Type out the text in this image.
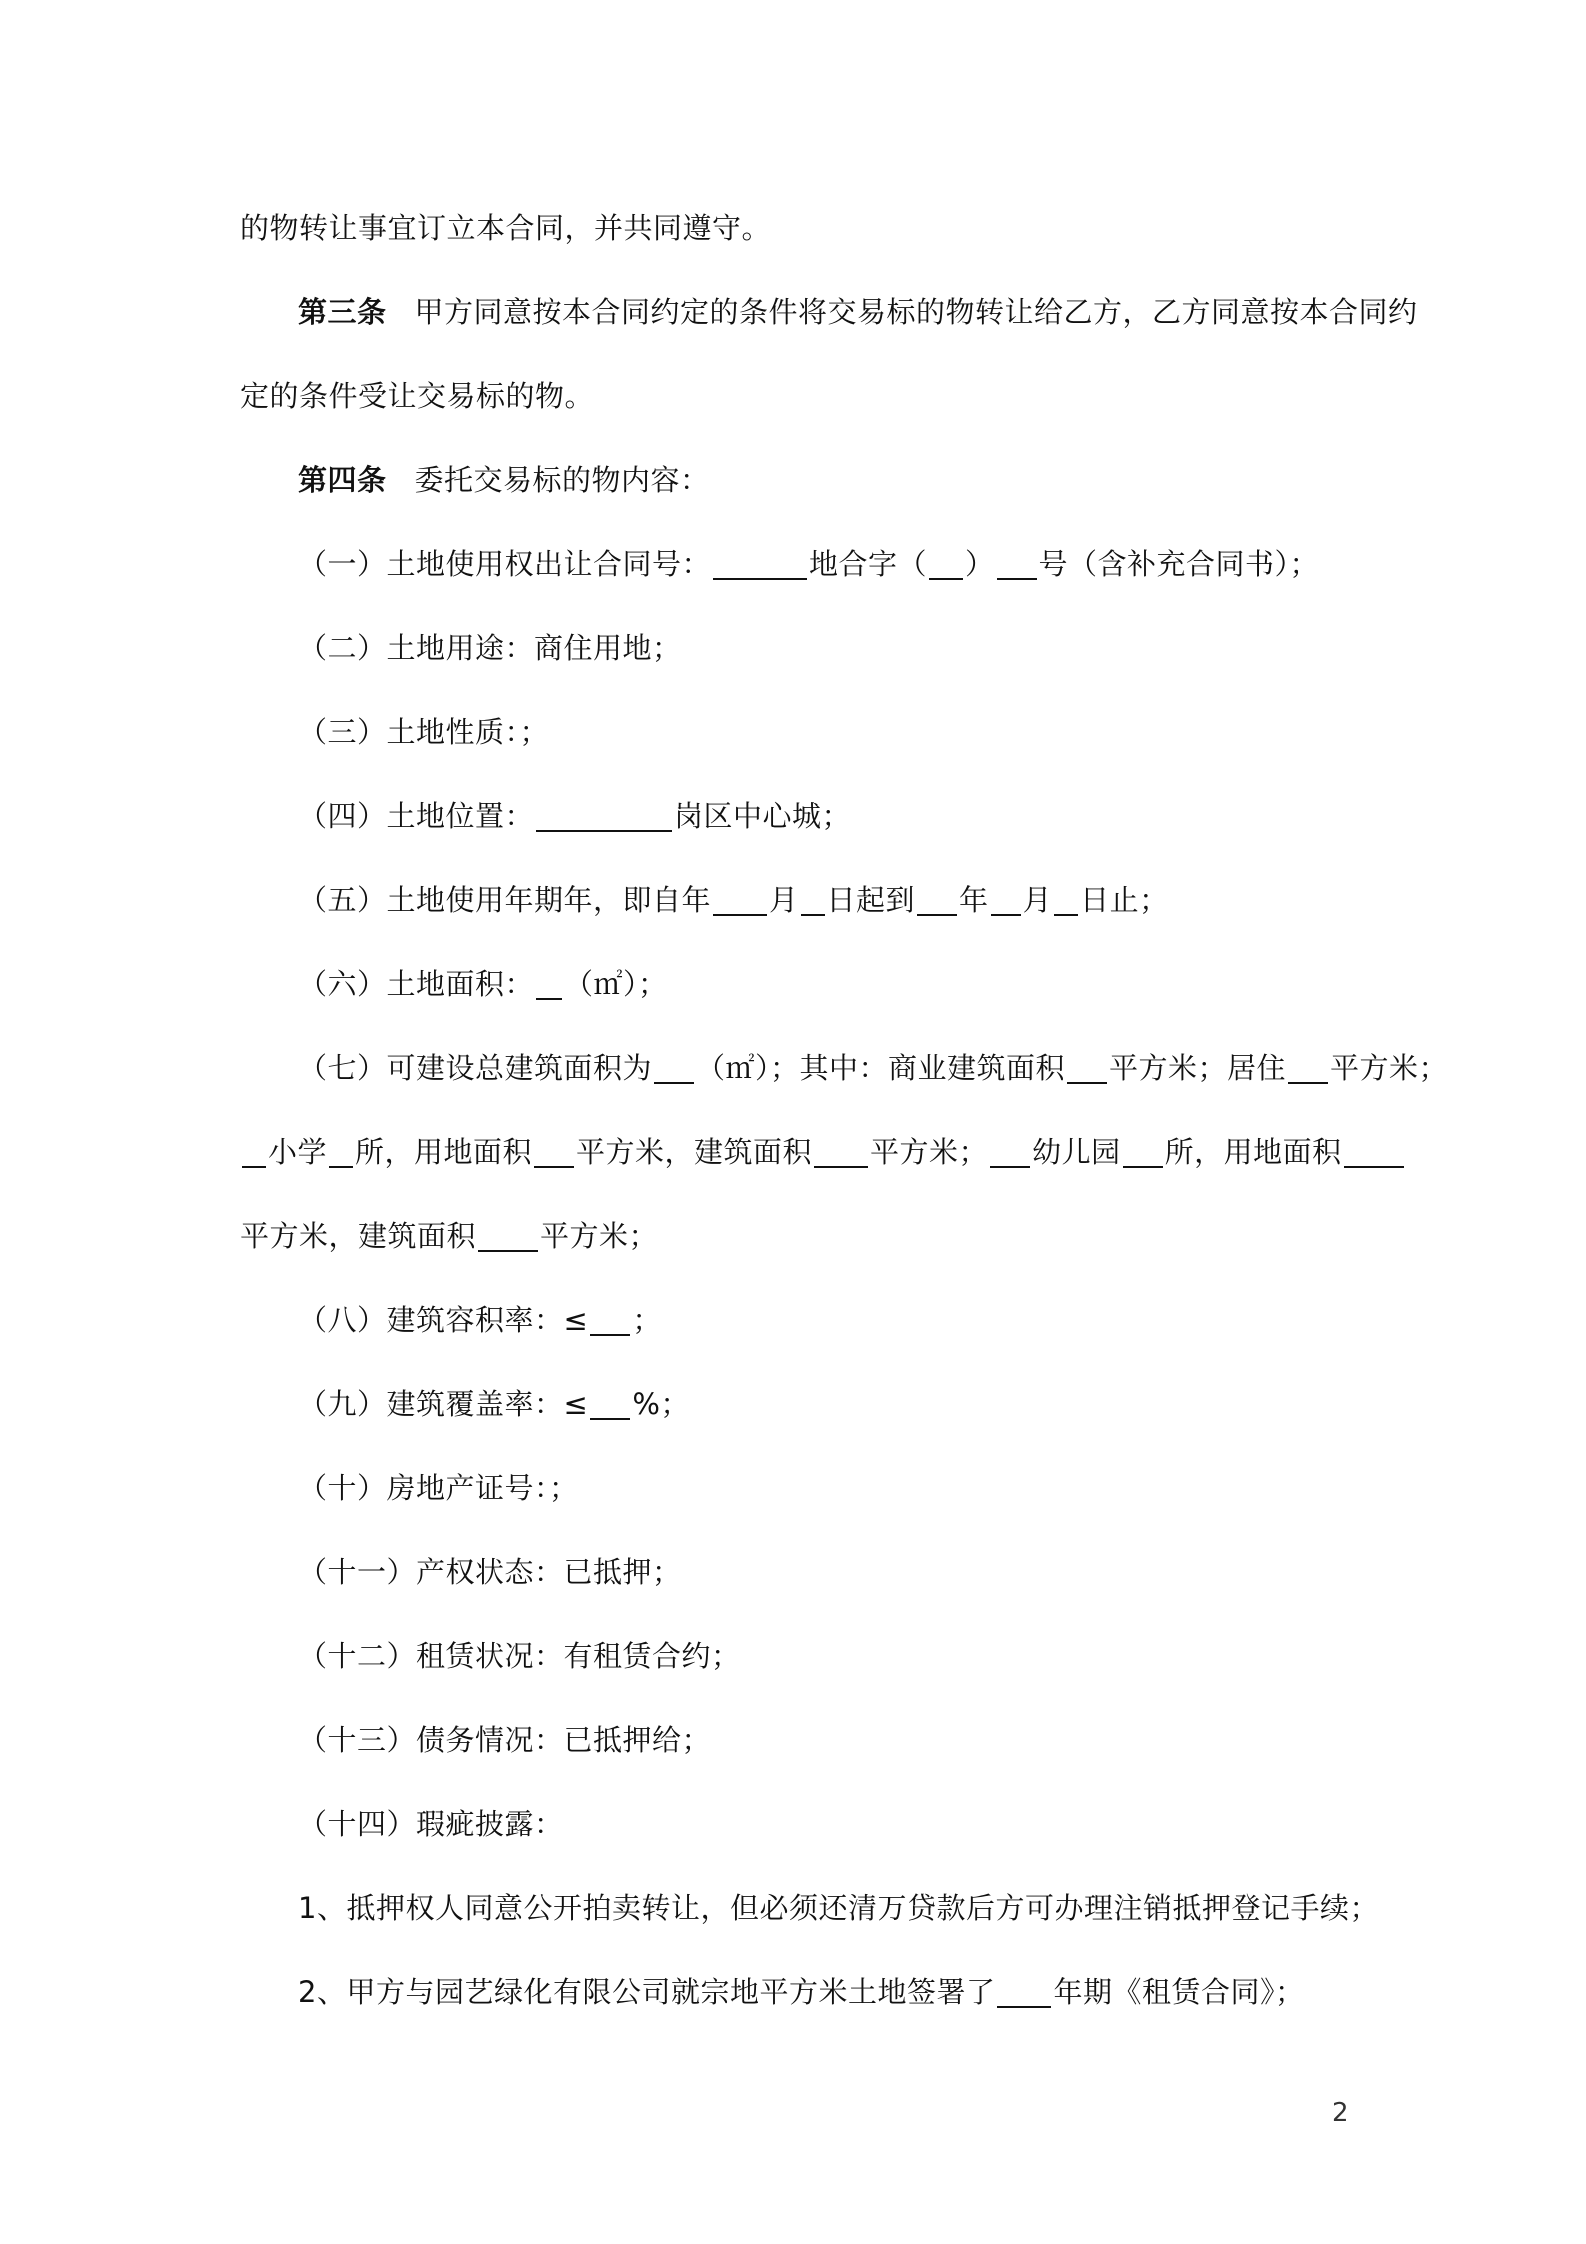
的物转让事宜订立本合同，并共同遵守。
第三条 甲方同意按本合同约定的条件将交易标的物转让给乙方，乙方同意按本合同约
定的条件受让交易标的物。
第四条 委托交易标的物内容：
（一）土地使用权出让合同号：	地合字（ ） 号（含补充合同书）；
（二）土地用途：商住用地；
（三）土地性质：；
（四）土地位置：	岗区中心城；
（五）土地使用年期年，即自年 月 日起到 年 月 日止；
（六）土地面积： （㎡）；
（七）可建设总建筑面积为 （㎡）；其中：商业建筑面积 平方米；居住 平方米；
小学 所，用地面积 平方米，建筑面积 平方米； 幼儿园 所，用地面积
平方米，建筑面积 平方米；
（八）建筑容积率：≤ ；
（九）建筑覆盖率：≤ %；
（十）房地产证号：；
（十一）产权状态：已抵押；
（十二）租赁状况：有租赁合约；
（十三）债务情况：已抵押给；
（十四）瑕疵披露：
1、抵押权人同意公开拍卖转让，但必须还清万贷款后方可办理注销抵押登记手续；
2、甲方与园艺绿化有限公司就宗地平方米土地签署了 年期《租赁合同》；
2
